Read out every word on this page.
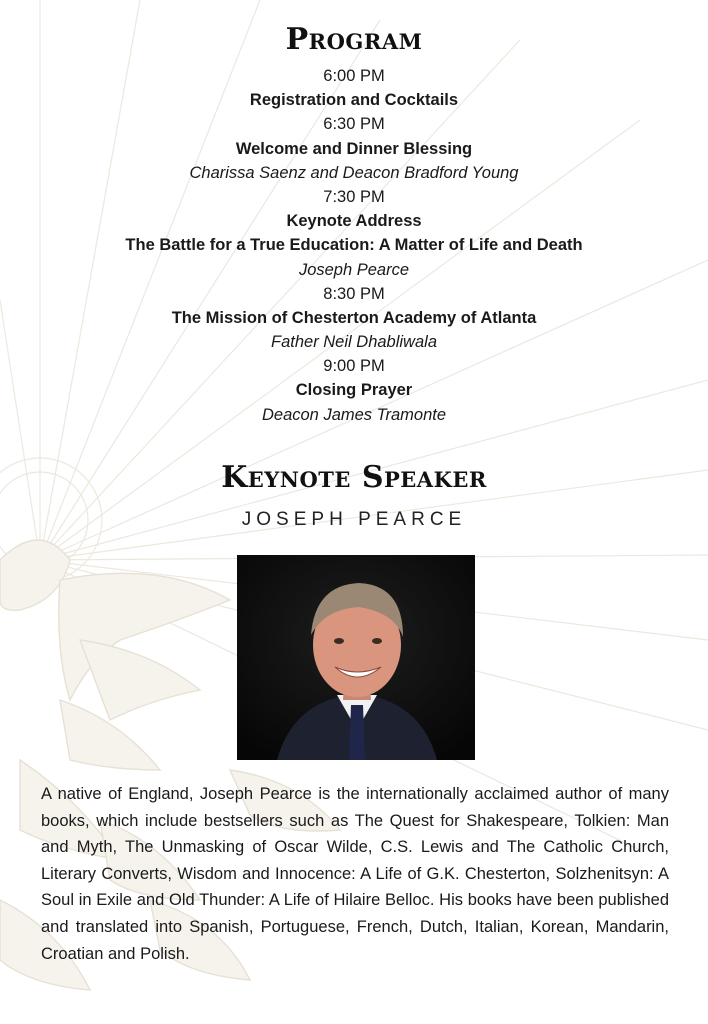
Program
6:00 PM
Registration and Cocktails
6:30 PM
Welcome and Dinner Blessing
Charissa Saenz and Deacon Bradford Young
7:30 PM
Keynote Address
The Battle for a True Education: A Matter of Life and Death
Joseph Pearce
8:30 PM
The Mission of Chesterton Academy of Atlanta
Father Neil Dhabliwala
9:00 PM
Closing Prayer
Deacon James Tramonte
Keynote Speaker
JOSEPH PEARCE
A native of England, Joseph Pearce is the internationally acclaimed author of many books, which include bestsellers such as The Quest for Shakespeare, Tolkien: Man and Myth, The Unmasking of Oscar Wilde, C.S. Lewis and The Catholic Church, Literary Converts, Wisdom and Innocence: A Life of G.K. Chesterton, Solzhenitsyn: A Soul in Exile and Old Thunder: A Life of Hilaire Belloc. His books have been published and translated into Spanish, Portuguese, French, Dutch, Italian, Korean, Mandarin, Croatian and Polish.
